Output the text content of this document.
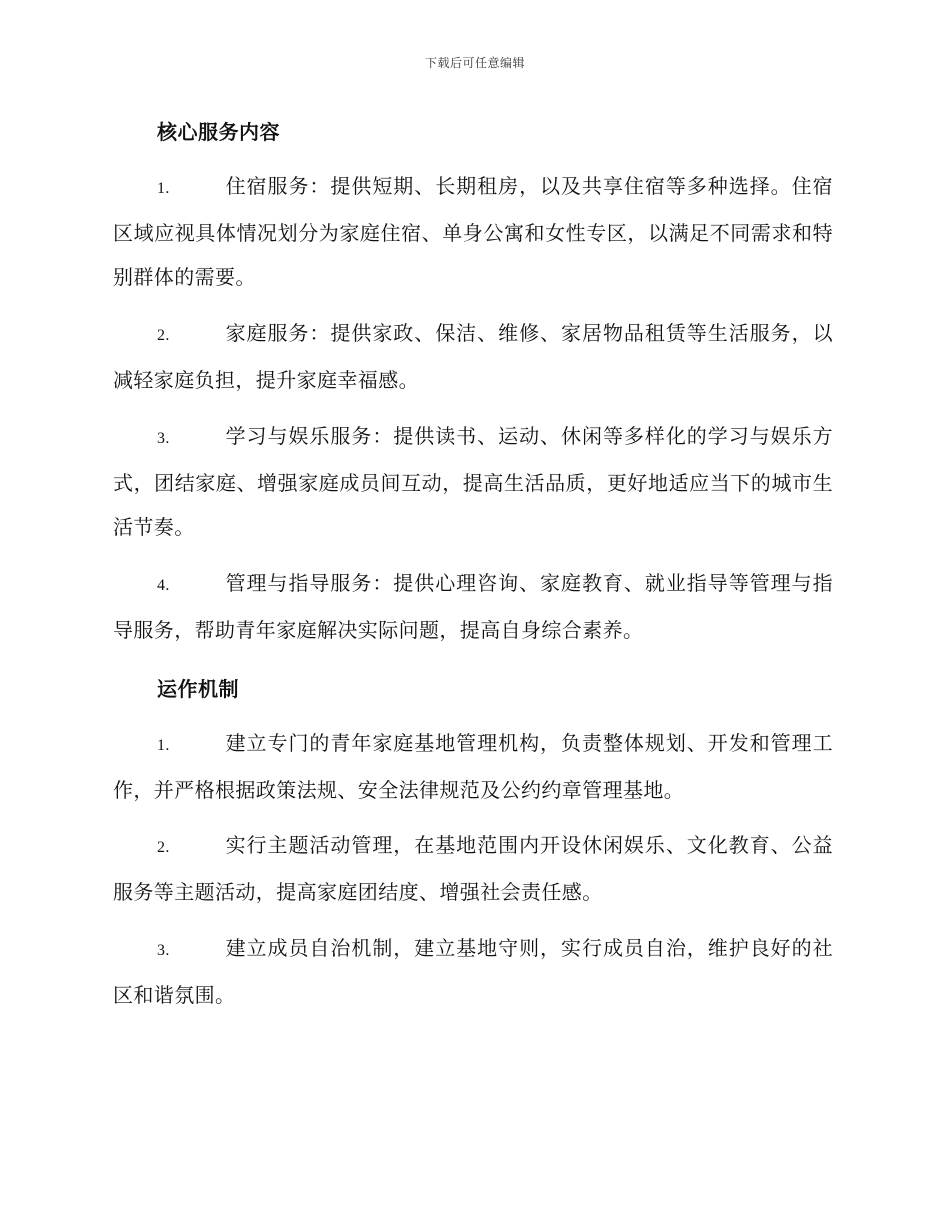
下载后可任意编辑
核心服务内容
1.	住宿服务：提供短期、长期租房，以及共享住宿等多种选择。住宿区域应视具体情况划分为家庭住宿、单身公寓和女性专区，以满足不同需求和特别群体的需要。
2.	家庭服务：提供家政、保洁、维修、家居物品租赁等生活服务，以减轻家庭负担，提升家庭幸福感。
3.	学习与娱乐服务：提供读书、运动、休闲等多样化的学习与娱乐方式，团结家庭、增强家庭成员间互动，提高生活品质，更好地适应当下的城市生活节奏。
4.	管理与指导服务：提供心理咨询、家庭教育、就业指导等管理与指导服务，帮助青年家庭解决实际问题，提高自身综合素养。
运作机制
1.	建立专门的青年家庭基地管理机构，负责整体规划、开发和管理工作，并严格根据政策法规、安全法律规范及公约约章管理基地。
2.	实行主题活动管理，在基地范围内开设休闲娱乐、文化教育、公益服务等主题活动，提高家庭团结度、增强社会责任感。
3.	建立成员自治机制，建立基地守则，实行成员自治，维护良好的社区和谐氛围。
